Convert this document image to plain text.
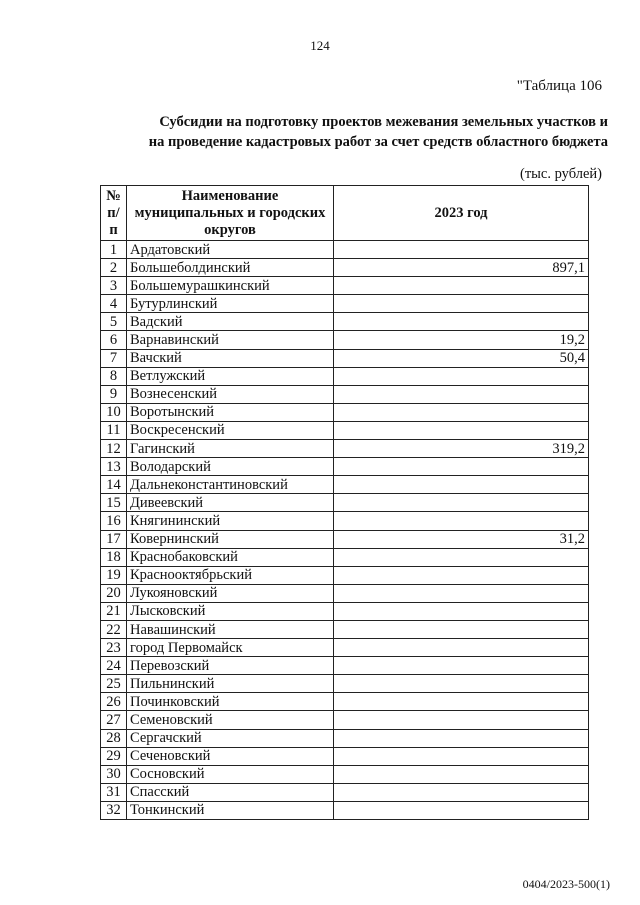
124
"Таблица 106
Субсидии на подготовку проектов межевания земельных участков и
на проведение кадастровых работ за счет средств областного бюджета
(тыс. рублей)
№ п/п	Наименование муниципальных и городских округов	2023 год
1	Ардатовский	
2	Большеболдинский	897,1
3	Большемурашкинский	
4	Бутурлинский	
5	Вадский	
6	Варнавинский	19,2
7	Вачский	50,4
8	Ветлужский	
9	Вознесенский	
10	Воротынский	
11	Воскресенский	
12	Гагинский	319,2
13	Володарский	
14	Дальнеконстантиновский	
15	Дивеевский	
16	Княгининский	
17	Ковернинский	31,2
18	Краснобаковский	
19	Краснооктябрьский	
20	Лукояновский	
21	Лысковский	
22	Навашинский	
23	город Первомайск	
24	Перевозский	
25	Пильнинский	
26	Починковский	
27	Семеновский	
28	Сергачский	
29	Сеченовский	
30	Сосновский	
31	Спасский	
32	Тонкинский	
0404/2023-500(1)
